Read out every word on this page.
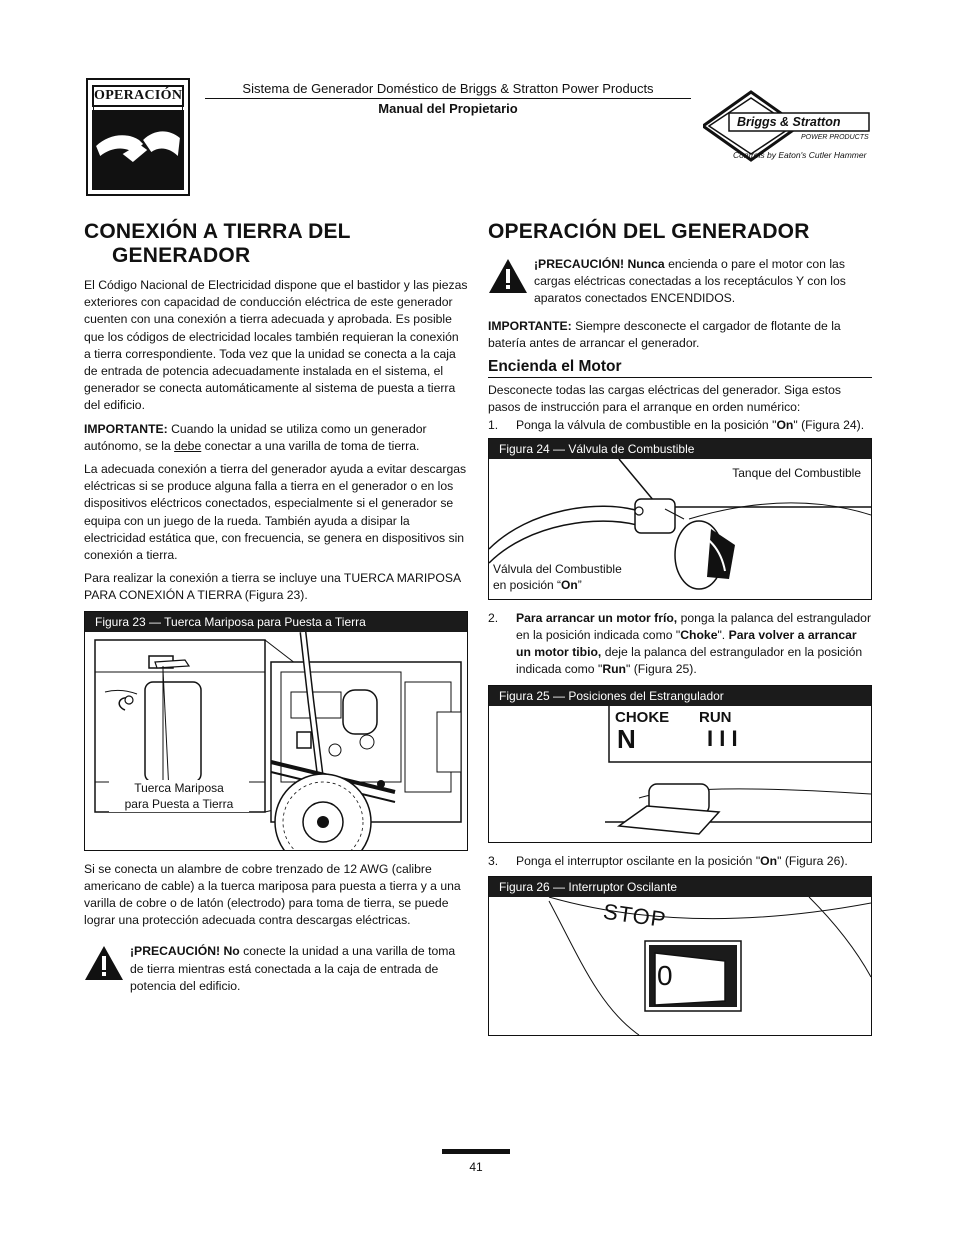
OPERACIÓN	Sistema de Generador Doméstico de Briggs & Stratton Power Products
Manual del Propietario
Briggs & Stratton
POWER PRODUCTS
Controls by Eaton's Cutler Hammer
CONEXIÓN A TIERRA DEL
GENERADOR

El Código Nacional de Electricidad dispone que el bastidor y las piezas exteriores con capacidad de conducción eléctrica de este generador cuenten con una conexión a tierra adecuada y aprobada. Es posible que los códigos de electricidad locales también requieran la conexión a tierra correspondiente. Toda vez que la unidad se conecta a la caja de entrada de potencia adecuadamente instalada en el sistema, el generador se conecta automáticamente al sistema de puesta a tierra del edificio.

IMPORTANTE: Cuando la unidad se utiliza como un generador autónomo, se la debe conectar a una varilla de toma de tierra.

La adecuada conexión a tierra del generador ayuda a evitar descargas eléctricas si se produce alguna falla a tierra en el generador o en los dispositivos eléctricos conectados, especialmente si el generador se equipa con un juego de la rueda. También ayuda a disipar la electricidad estática que, con frecuencia, se genera en dispositivos sin conexión a tierra.

Para realizar la conexión a tierra se incluye una TUERCA MARIPOSA PARA CONEXIÓN A TIERRA (Figura 23).

Figura 23 — Tuerca Mariposa para Puesta a Tierra
Tuerca Mariposa
para Puesta a Tierra

Si se conecta un alambre de cobre trenzado de 12 AWG (calibre americano de cable) a la tuerca mariposa para puesta a tierra y a una varilla de cobre o de latón (electrodo) para toma de tierra, se puede lograr una protección adecuada contra descargas eléctricas.

¡PRECAUCIÓN! No conecte la unidad a una varilla de toma de tierra mientras está conectada a la caja de entrada de potencia del edificio.
OPERACIÓN DEL GENERADOR
¡PRECAUCIÓN! Nunca encienda o pare el motor con las cargas eléctricas conectadas a los receptáculos Y con los aparatos conectados ENCENDIDOS.

IMPORTANTE: Siempre desconecte el cargador de flotante de la batería antes de arrancar el generador.

Encienda el Motor

Desconecte todas las cargas eléctricas del generador. Siga estos pasos de instrucción para el arranque en orden numérico:

1. Ponga la válvula de combustible en la posición "On" (Figura 24).
Figura 24 — Válvula de Combustible
Tanque del Combustible
Válvula del Combustible
en posición “On”
2. Para arrancar un motor frío, ponga la palanca del estrangulador en la posición indicada como "Choke". Para volver a arrancar un motor tibio, deje la palanca del estrangulador en la posición indicada como "Run" (Figura 25).
Figura 25 — Posiciones del Estrangulador
N	I I I
CHOKE RUN
3. Ponga el interruptor oscilante en la posición "On" (Figura 26).
Figura 26 — Interruptor Oscilante
STOP
0
41
